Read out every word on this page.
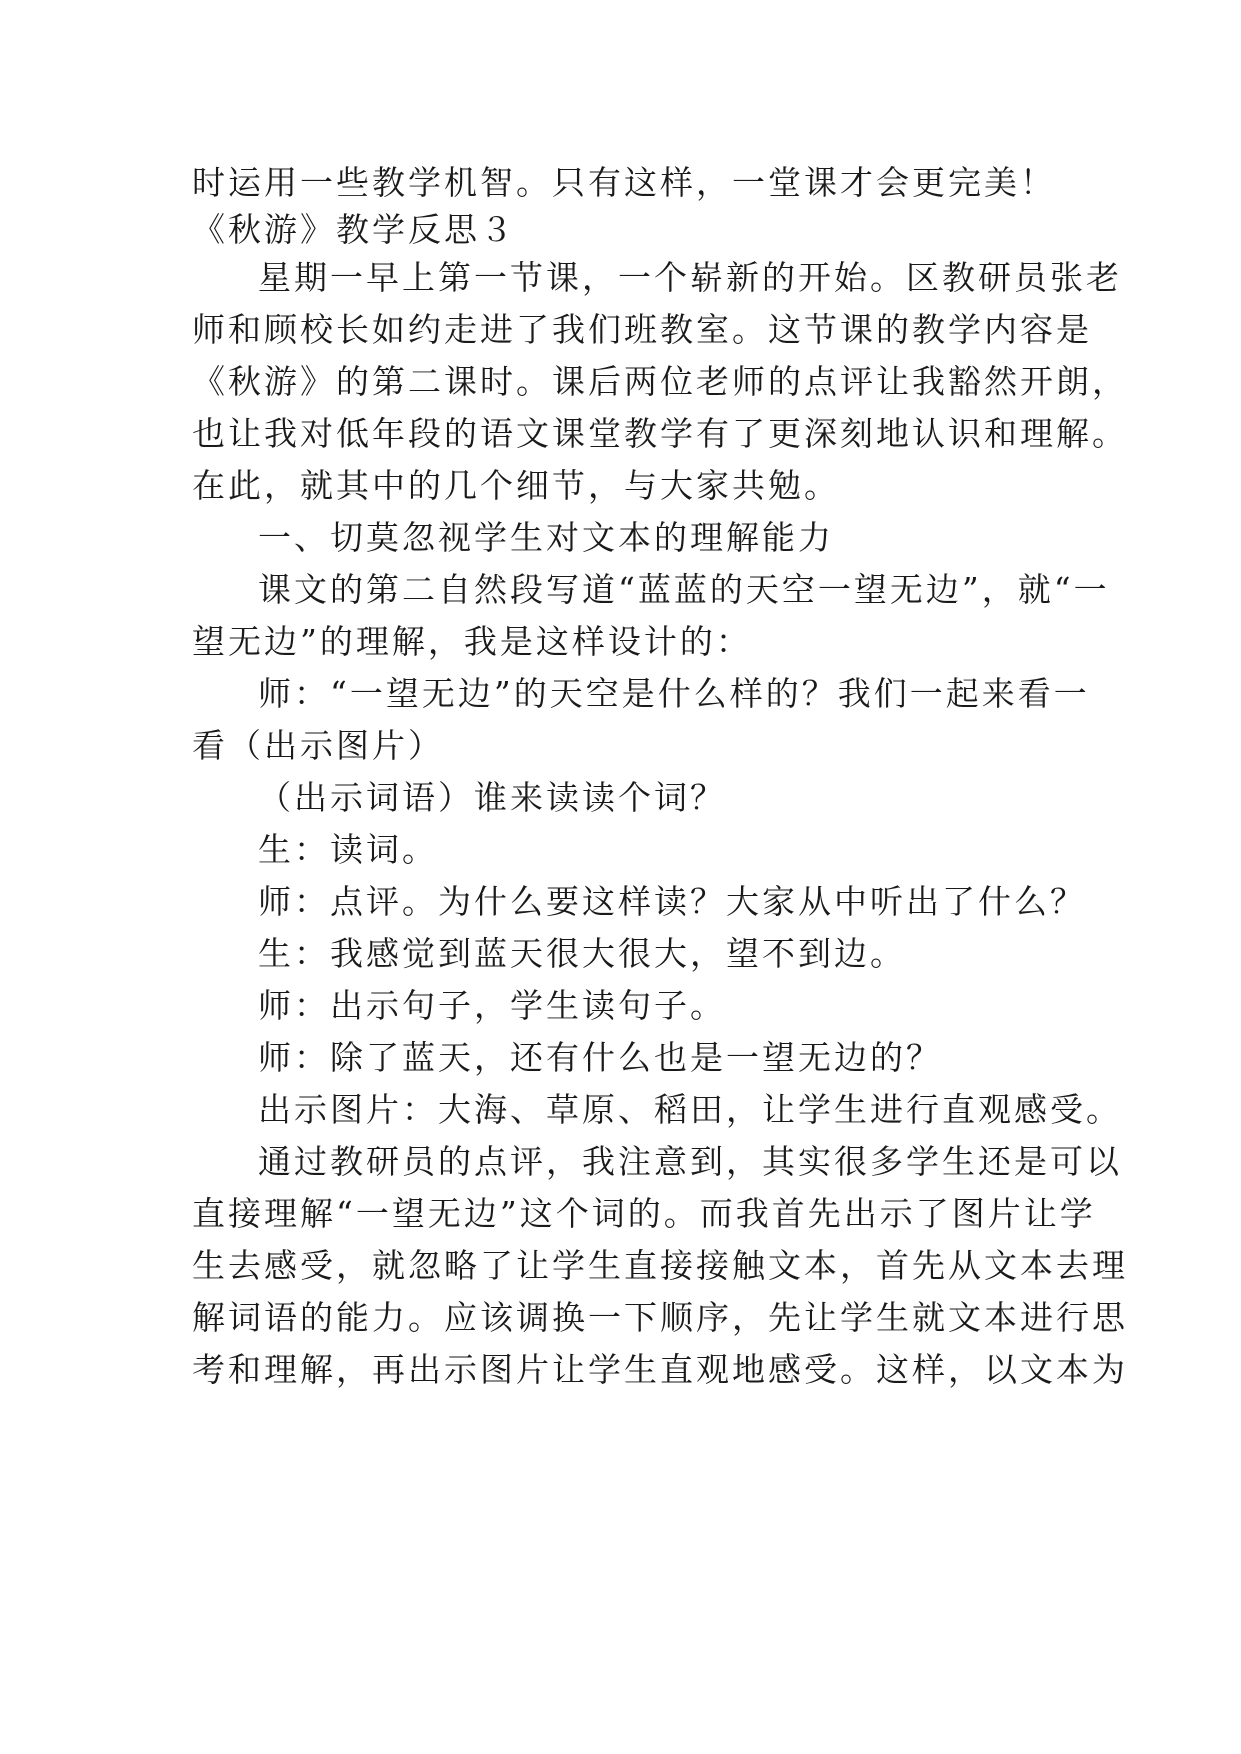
时运用一些教学机智。只有这样，一堂课才会更完美！
《秋游》教学反思３
星期一早上第一节课，一个崭新的开始。区教研员张老
师和顾校长如约走进了我们班教室。这节课的教学内容是
《秋游》的第二课时。课后两位老师的点评让我豁然开朗，
也让我对低年段的语文课堂教学有了更深刻地认识和理解。
在此，就其中的几个细节，与大家共勉。
一、切莫忽视学生对文本的理解能力
课文的第二自然段写道“蓝蓝的天空一望无边”，就“一
望无边”的理解，我是这样设计的：
师：“一望无边”的天空是什么样的？我们一起来看一
看（出示图片）
（出示词语）谁来读读个词？
生：读词。
师：点评。为什么要这样读？大家从中听出了什么？
生：我感觉到蓝天很大很大，望不到边。
师：出示句子，学生读句子。
师：除了蓝天，还有什么也是一望无边的？
出示图片：大海、草原、稻田，让学生进行直观感受。
通过教研员的点评，我注意到，其实很多学生还是可以
直接理解“一望无边”这个词的。而我首先出示了图片让学
生去感受，就忽略了让学生直接接触文本，首先从文本去理
解词语的能力。应该调换一下顺序，先让学生就文本进行思
考和理解，再出示图片让学生直观地感受。这样，以文本为
